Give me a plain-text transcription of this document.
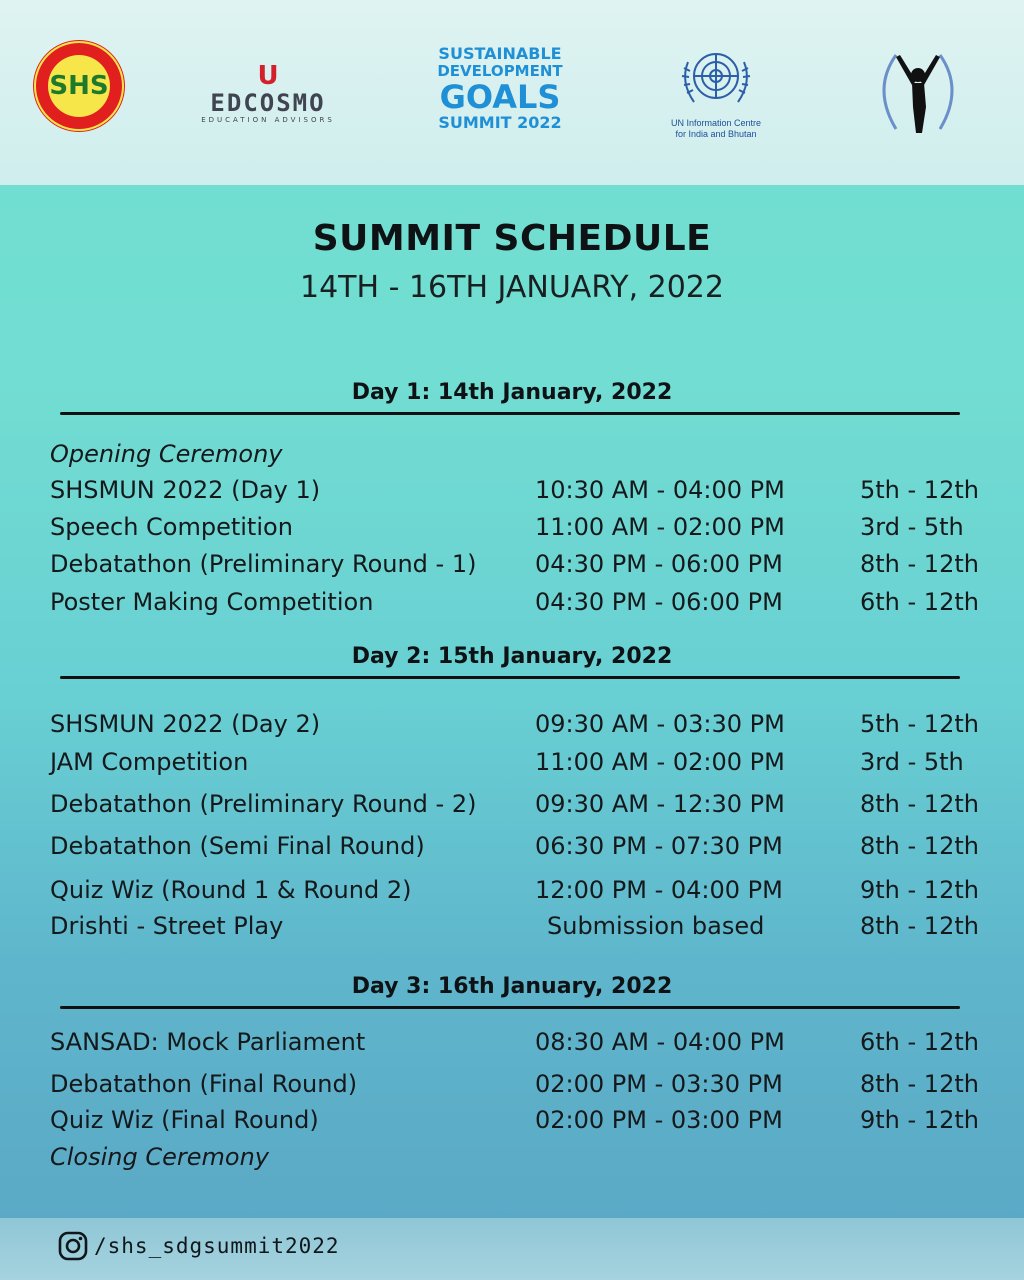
SHS	U
EDCOSMO
EDUCATION ADVISORS
SUSTAINABLE
DEVELOPMENT
GOALS
SUMMIT 2022	UN Information Centre
for India and Bhutan
SUMMIT SCHEDULE
14TH - 16TH JANUARY, 2022
Day 1: 14th January, 2022
Opening Ceremony
SHSMUN 2022 (Day 1)	10:30 AM - 04:00 PM	5th - 12th
Speech Competition	11:00 AM - 02:00 PM	3rd - 5th
Debatathon (Preliminary Round - 1) 04:30 PM - 06:00 PM	8th - 12th
Poster Making Competition	04:30 PM - 06:00 PM	6th - 12th
Day 2: 15th January, 2022
SHSMUN 2022 (Day 2)	09:30 AM - 03:30 PM	5th - 12th
JAM Competition	11:00 AM - 02:00 PM	3rd - 5th
Debatathon (Preliminary Round - 2) 09:30 AM - 12:30 PM	8th - 12th
Debatathon (Semi Final Round)	06:30 PM - 07:30 PM	8th - 12th
Quiz Wiz (Round 1 & Round 2)	12:00 PM - 04:00 PM	9th - 12th
Drishti - Street Play	Submission based	8th - 12th
Day 3: 16th January, 2022
SANSAD: Mock Parliament	08:30 AM - 04:00 PM	6th - 12th
Debatathon (Final Round)	02:00 PM - 03:30 PM	8th - 12th
Quiz Wiz (Final Round)	02:00 PM - 03:00 PM	9th - 12th
Closing Ceremony
/shs_sdgsummit2022
